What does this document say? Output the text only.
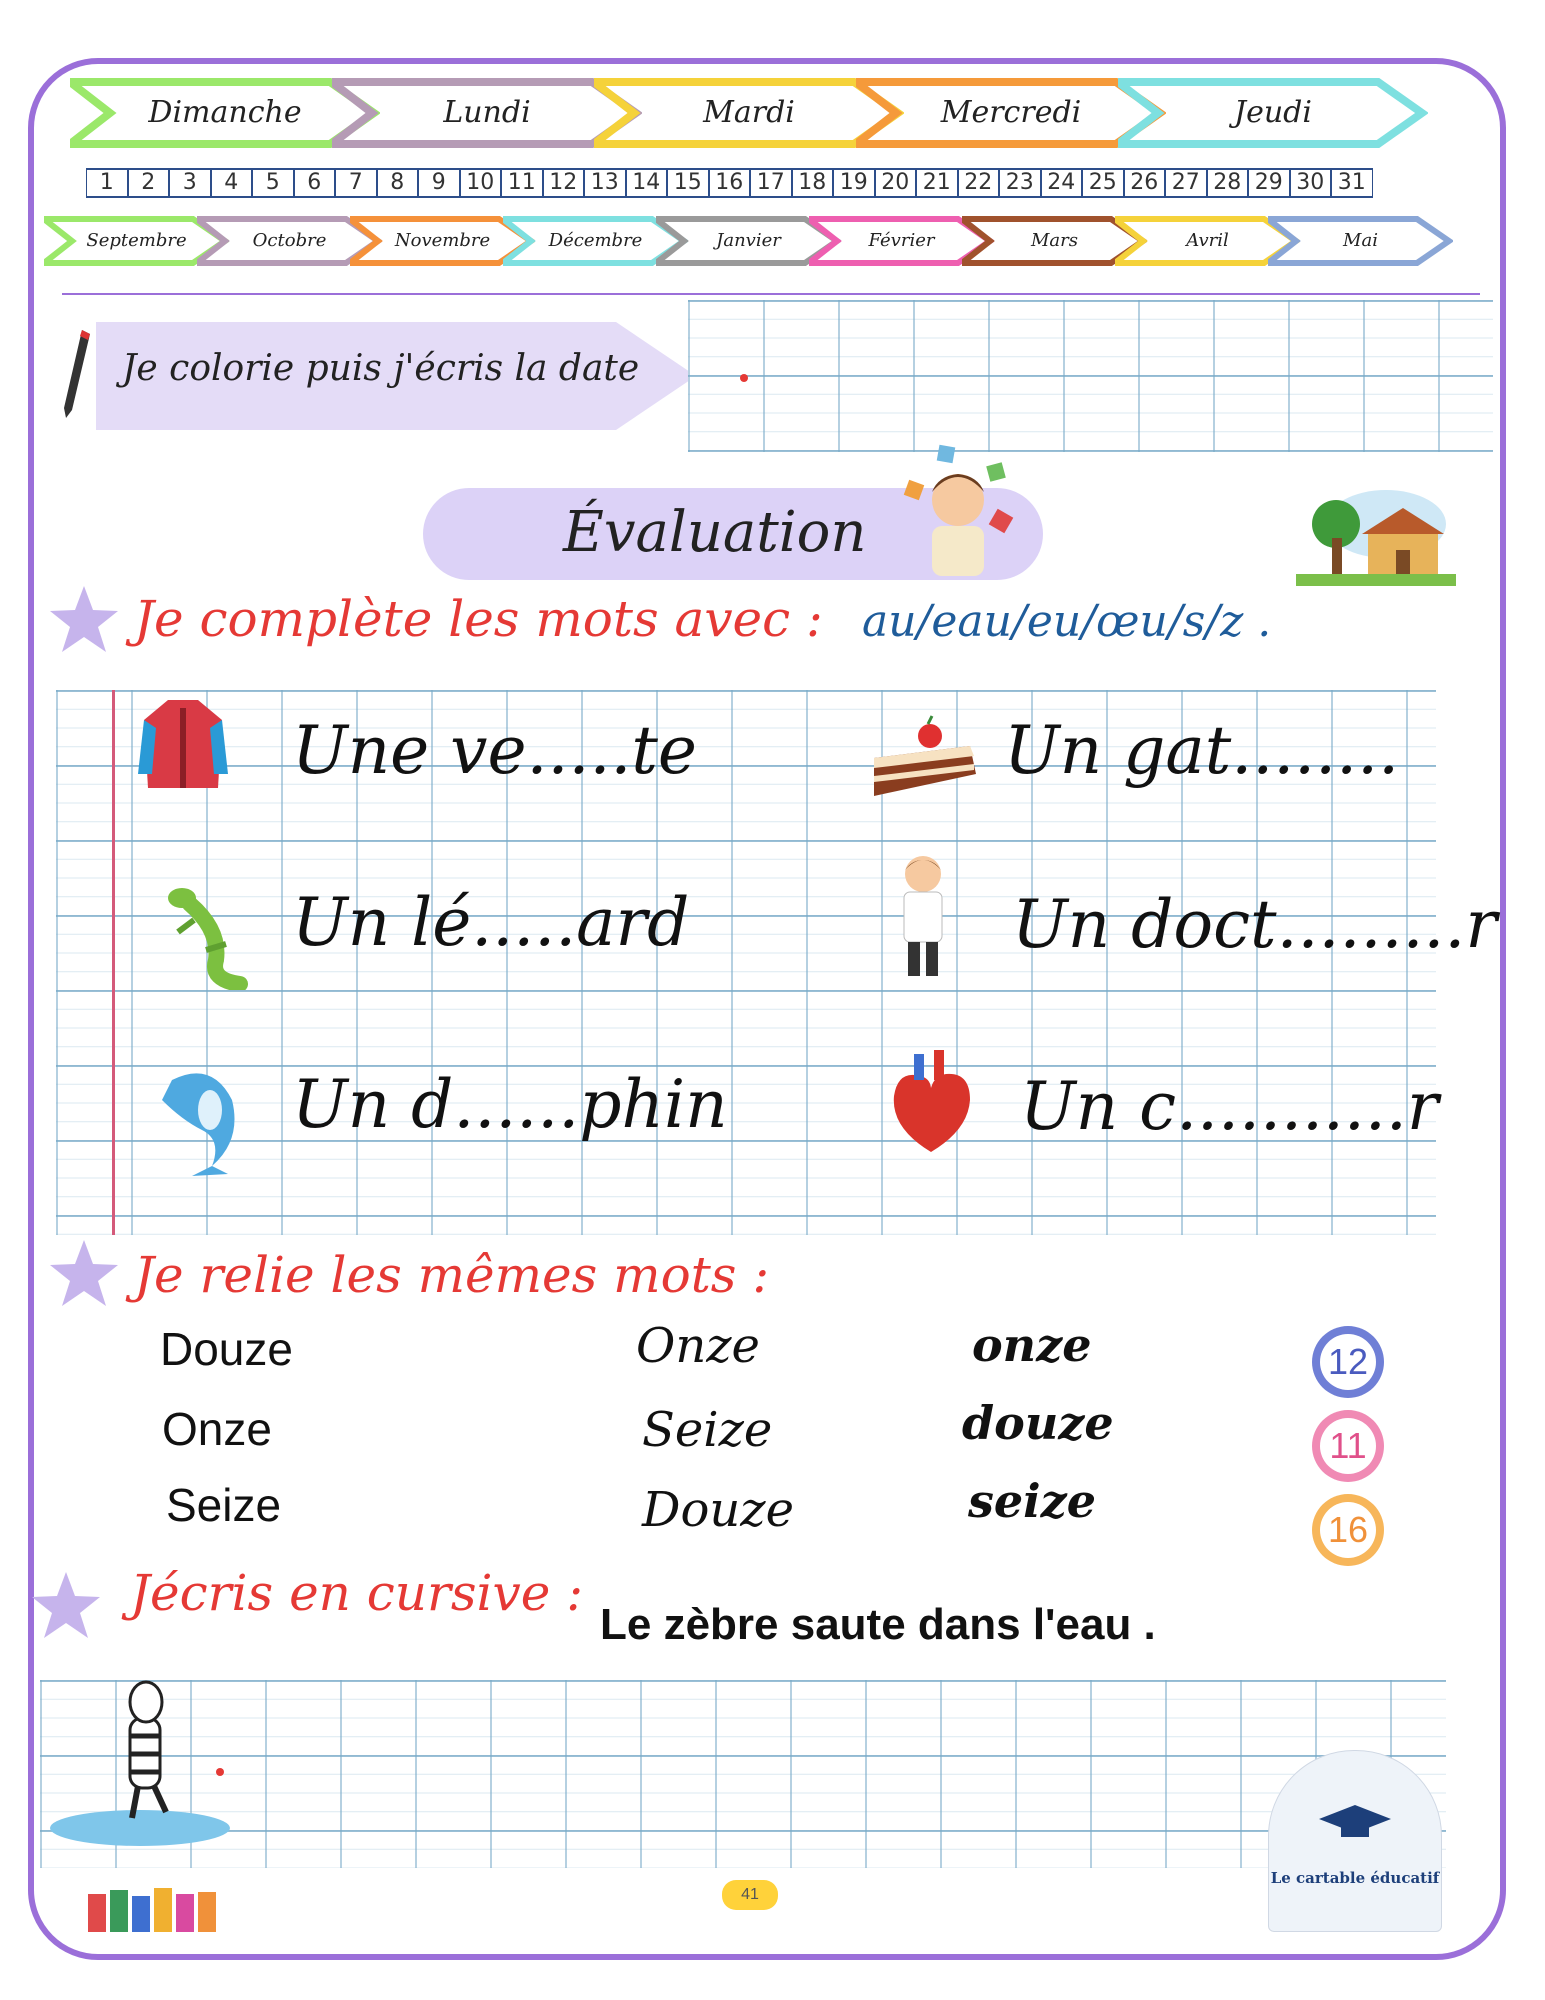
Dimanche	Lundi	Mardi	Mercredi	Jeudi
1	2	3	4	5	6	7	8	9 10 11 12 13 14 15 16 17 18 19 20 21 22 23 24 25 26 27 28 29 30 31
Septembre	Octobre	Novembre	Décembre	Janvier	Février	Mars	Avril	Mai
Je colorie puis j'écris la date
Évaluation
Je complète les mots avec : au/eau/eu/œu/s/z .
Une ve.....te
Un lé.....ard
Un d......phin
Un gat........
Un doct.........r
Un c...........r
Je relie les mêmes mots :
Douze
Onze
Seize
Onze
Seize
Douze
onze
douze
seize
12
11
16
Jécris en cursive :
Le zèbre saute dans l'eau .
41
Le cartable éducatif
